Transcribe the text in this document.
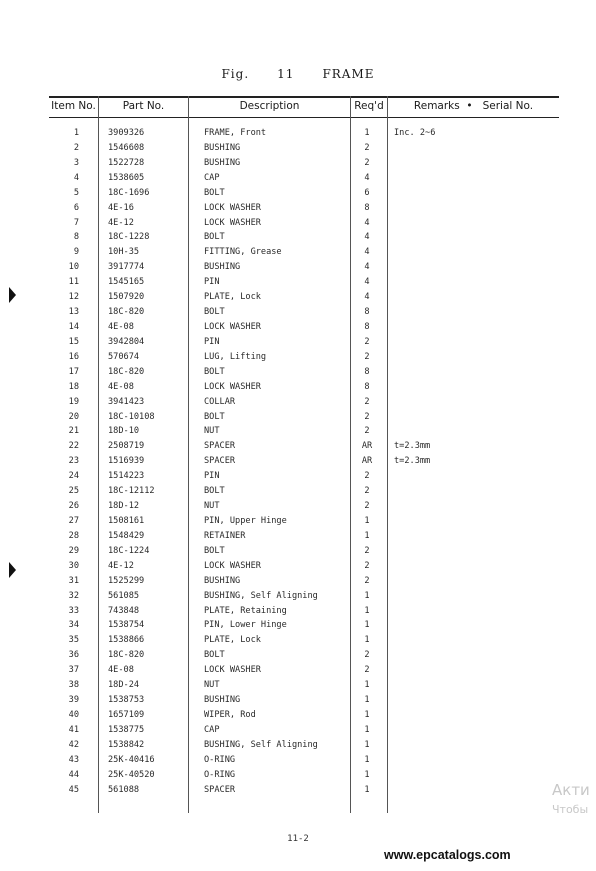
Fig. 11 FRAME
Item No.	Part No.	Description	Req'd	Remarks  •   Serial No.
1	3909326	FRAME, Front	1	Inc. 2~6
2	1546608	BUSHING	2
3	1522728	BUSHING	2
4	1538605	CAP	4
5	18C-1696	BOLT	6
6	4E-16	LOCK WASHER	8
7	4E-12	LOCK WASHER	4
8	18C-1228	BOLT	4
9	10H-35	FITTING, Grease	4
10	3917774	BUSHING	4
11	1545165	PIN	4
12	1507920	PLATE, Lock	4
13	18C-820	BOLT	8
14	4E-08	LOCK WASHER	8
15	3942804	PIN	2
16	570674	LUG, Lifting	2
17	18C-820	BOLT	8
18	4E-08	LOCK WASHER	8
19	3941423	COLLAR	2
20	18C-10108	BOLT	2
21	18D-10	NUT	2
22	2508719	SPACER	AR	t=2.3mm
23	1516939	SPACER	AR	t=2.3mm
24	1514223	PIN	2
25	18C-12112	BOLT	2
26	18D-12	NUT	2
27	1508161	PIN, Upper Hinge	1
28	1548429	RETAINER	1
29	18C-1224	BOLT	2
30	4E-12	LOCK WASHER	2
31	1525299	BUSHING	2
32	561085	BUSHING, Self Aligning	1
33	743848	PLATE, Retaining	1
34	1538754	PIN, Lower Hinge	1
35	1538866	PLATE, Lock	1
36	18C-820	BOLT	2
37	4E-08	LOCK WASHER	2
38	18D-24	NUT	1
39	1538753	BUSHING	1
40	1657109	WIPER, Rod	1
41	1538775	CAP	1
42	1538842	BUSHING, Self Aligning	1
43	25K-40416	O-RING	1
44	25K-40520	O-RING	1
45	561088	SPACER	1
11-2
www.epcatalogs.com
Акти
Чтобы
